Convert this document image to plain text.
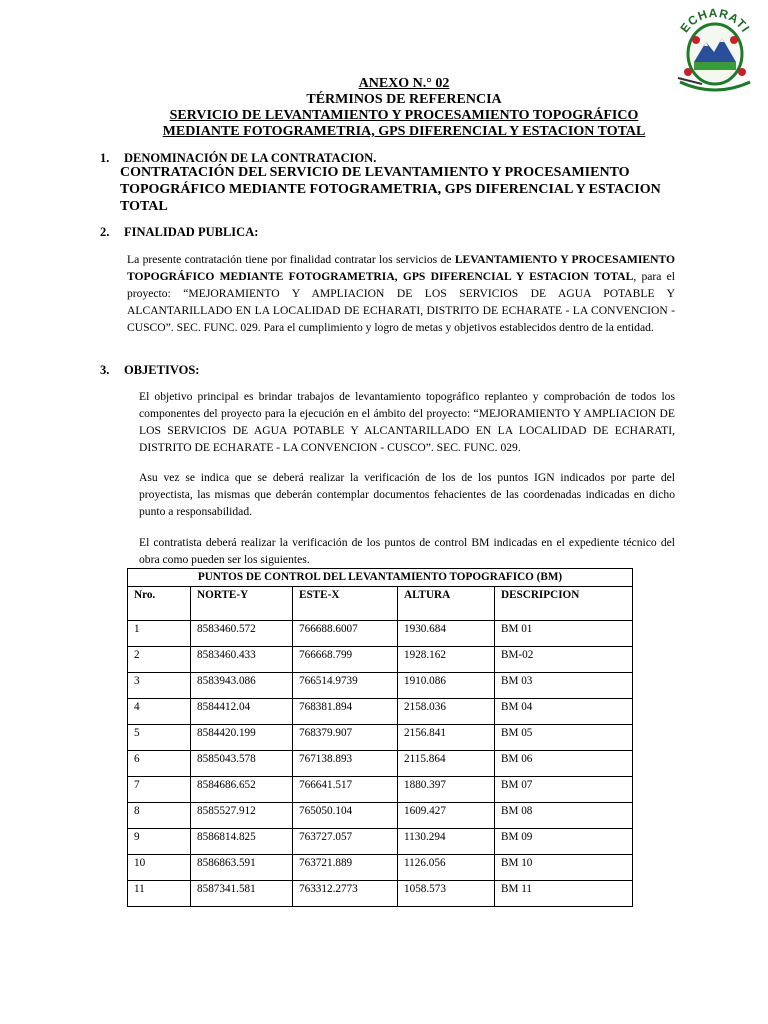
ECHARATI
ANEXO N.° 02
TÉRMINOS DE REFERENCIA
SERVICIO DE LEVANTAMIENTO Y PROCESAMIENTO TOPOGRÁFICO
MEDIANTE FOTOGRAMETRIA, GPS DIFERENCIAL Y ESTACION TOTAL
1. DENOMINACIÓN DE LA CONTRATACION.
CONTRATACIÓN DEL SERVICIO DE LEVANTAMIENTO Y PROCESAMIENTO TOPOGRÁFICO MEDIANTE FOTOGRAMETRIA, GPS DIFERENCIAL Y ESTACION TOTAL
2. FINALIDAD PUBLICA:
La presente contratación tiene por finalidad contratar los servicios de LEVANTAMIENTO Y PROCESAMIENTO TOPOGRÁFICO MEDIANTE FOTOGRAMETRIA, GPS DIFERENCIAL Y ESTACION TOTAL, para el proyecto: “MEJORAMIENTO Y AMPLIACION DE LOS SERVICIOS DE AGUA POTABLE Y ALCANTARILLADO EN LA LOCALIDAD DE ECHARATI, DISTRITO DE ECHARATE - LA CONVENCION - CUSCO”. SEC. FUNC. 029. Para el cumplimiento y logro de metas y objetivos establecidos dentro de la entidad.
3. OBJETIVOS:
El objetivo principal es brindar trabajos de levantamiento topográfico replanteo y comprobación de todos los componentes del proyecto para la ejecución en el ámbito del proyecto: “MEJORAMIENTO Y AMPLIACION DE LOS SERVICIOS DE AGUA POTABLE Y ALCANTARILLADO EN LA LOCALIDAD DE ECHARATI, DISTRITO DE ECHARATE - LA CONVENCION - CUSCO”. SEC. FUNC. 029.
Asu vez se indica que se deberá realizar la verificación de los de los puntos IGN indicados por parte del proyectista, las mismas que deberán contemplar documentos fehacientes de las coordenadas indicadas en dicho punto a responsabilidad.
El contratista deberá realizar la verificación de los puntos de control BM indicadas en el expediente técnico del obra como pueden ser los siguientes.
PUNTOS DE CONTROL DEL LEVANTAMIENTO TOPOGRAFICO (BM)				
Nro.	NORTE-Y	ESTE-X	ALTURA	DESCRIPCION
1	8583460.572	766688.6007	1930.684	BM 01
2	8583460.433	766668.799	1928.162	BM-02
3	8583943.086	766514.9739	1910.086	BM 03
4	8584412.04	768381.894	2158.036	BM 04
5	8584420.199	768379.907	2156.841	BM 05
6	8585043.578	767138.893	2115.864	BM 06
7	8584686.652	766641.517	1880.397	BM 07
8	8585527.912	765050.104	1609.427	BM 08
9	8586814.825	763727.057	1130.294	BM 09
10	8586863.591	763721.889	1126.056	BM 10
11	8587341.581	763312.2773	1058.573	BM 11
